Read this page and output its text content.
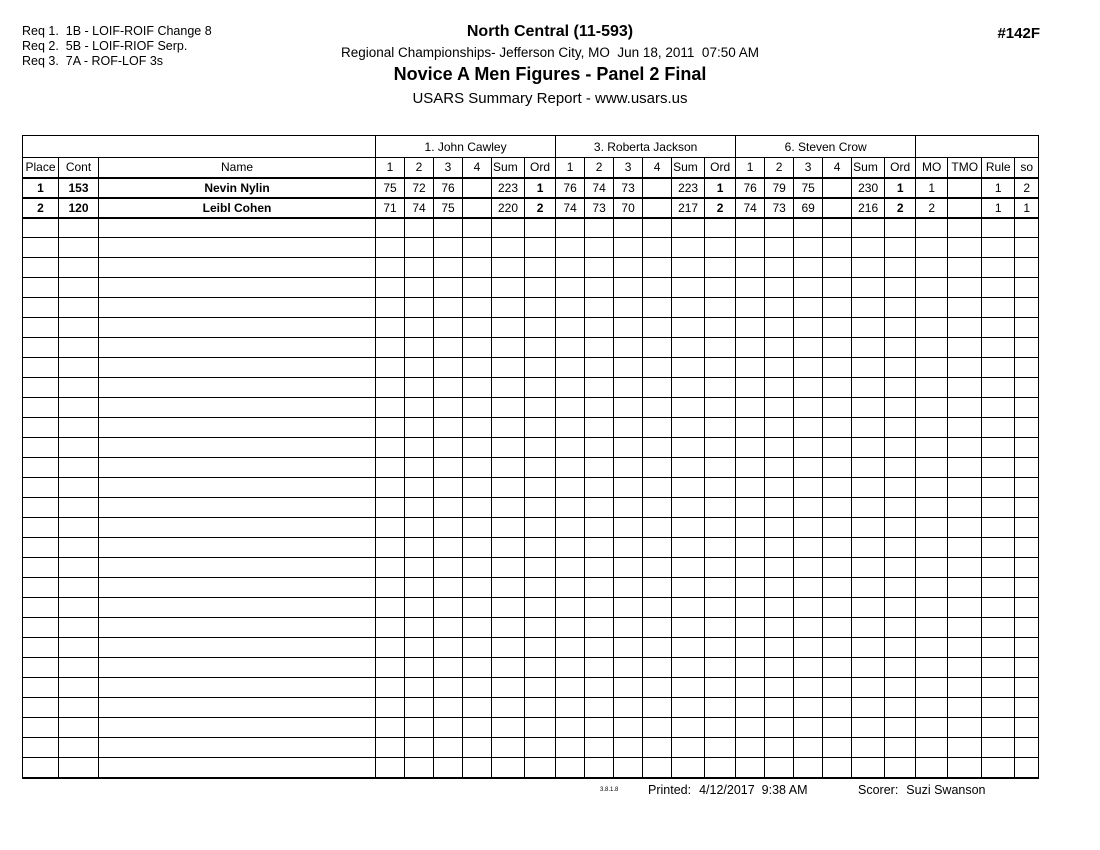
Req 1.  1B - LOIF-ROIF Change 8
Req 2.  5B - LOIF-RIOF Serp.
Req 3.  7A - ROF-LOF 3s
North Central (11-593)
Regional Championships- Jefferson City, MO  Jun 18, 2011  07:50 AM
Novice A Men Figures - Panel 2 Final
USARS Summary Report - www.usars.us
#142F
			1. John Cawley						3. Roberta Jackson						6. Steven Crow									
Place	Cont	Name	1	2	3	4	Sum	Ord	1	2	3	4	Sum	Ord	1	2	3	4	Sum	Ord	MO	TMO	Rule	so
1	153	Nevin Nylin	75	72	76		223	1	76	74	73		223	1	76	79	75		230	1	1		1	2
2	120	Leibl Cohen	71	74	75		220	2	74	73	70		217	2	74	73	69		216	2	2		1	1

3.8.1.8 Printed: 4/12/2017  9:38 AM	Scorer: Suzi Swanson
